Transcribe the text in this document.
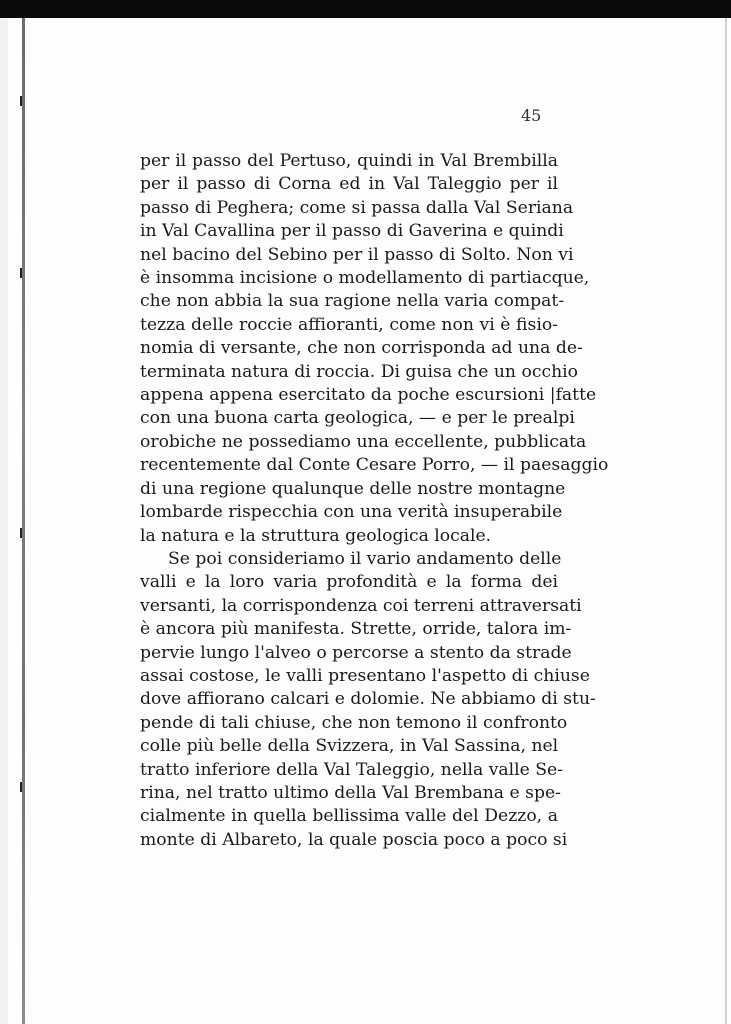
45
per il passo del Pertuso, quindi in Val Brembilla
per il passo di Corna ed in Val Taleggio per il
passo di Peghera; come si passa dalla Val Seriana
in Val Cavallina per il passo di Gaverina e quindi
nel bacino del Sebino per il passo di Solto. Non vi
è insomma incisione o modellamento di partiacque,
che non abbia la sua ragione nella varia compat-
tezza delle roccie affioranti, come non vi è fisio-
nomia di versante, che non corrisponda ad una de-
terminata natura di roccia. Di guisa che un occhio
appena appena esercitato da poche escursioni |fatte
con una buona carta geologica, — e per le prealpi
orobiche ne possediamo una eccellente, pubblicata
recentemente dal Conte Cesare Porro, — il paesaggio
di una regione qualunque delle nostre montagne
lombarde rispecchia con una verità insuperabile
la natura e la struttura geologica locale.
Se poi consideriamo il vario andamento delle
valli e la loro varia profondità e la forma dei
versanti, la corrispondenza coi terreni attraversati
è ancora più manifesta. Strette, orride, talora im-
pervie lungo l'alveo o percorse a stento da strade
assai costose, le valli presentano l'aspetto di chiuse
dove affiorano calcari e dolomie. Ne abbiamo di stu-
pende di tali chiuse, che non temono il confronto
colle più belle della Svizzera, in Val Sassina, nel
tratto inferiore della Val Taleggio, nella valle Se-
rina, nel tratto ultimo della Val Brembana e spe-
cialmente in quella bellissima valle del Dezzo, a
monte di Albareto, la quale poscia poco a poco si
